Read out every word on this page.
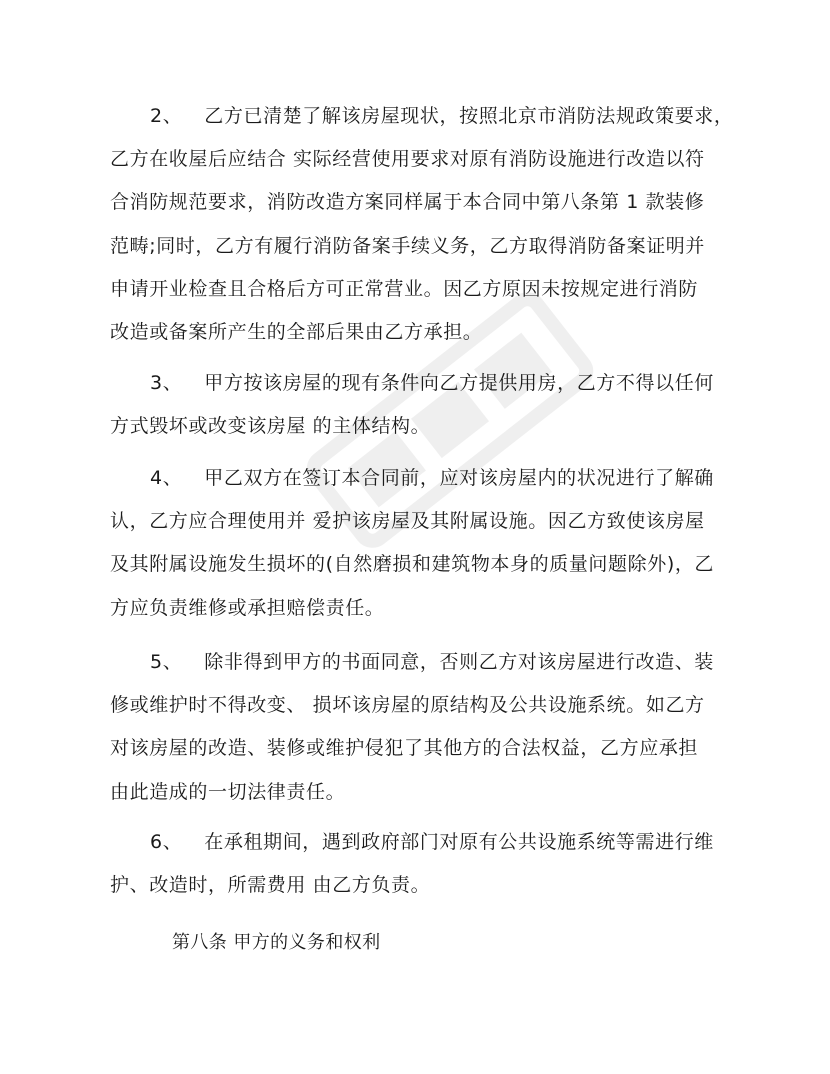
2、 乙方已清楚了解该房屋现状，按照北京市消防法规政策要求，
乙方在收屋后应结合 实际经营使用要求对原有消防设施进行改造以符
合消防规范要求，消防改造方案同样属于本合同中第八条第 1 款装修
范畴;同时，乙方有履行消防备案手续义务，乙方取得消防备案证明并
申请开业检查且合格后方可正常营业。因乙方原因未按规定进行消防
改造或备案所产生的全部后果由乙方承担。

3、 甲方按该房屋的现有条件向乙方提供用房，乙方不得以任何
方式毁坏或改变该房屋 的主体结构。

4、 甲乙双方在签订本合同前，应对该房屋内的状况进行了解确
认，乙方应合理使用并 爱护该房屋及其附属设施。因乙方致使该房屋
及其附属设施发生损坏的(自然磨损和建筑物本身的质量问题除外)，乙
方应负责维修或承担赔偿责任。

5、 除非得到甲方的书面同意，否则乙方对该房屋进行改造、装
修或维护时不得改变、 损坏该房屋的原结构及公共设施系统。如乙方
对该房屋的改造、装修或维护侵犯了其他方的合法权益，乙方应承担
由此造成的一切法律责任。

6、 在承租期间，遇到政府部门对原有公共设施系统等需进行维
护、改造时，所需费用 由乙方负责。

第八条 甲方的义务和权利
